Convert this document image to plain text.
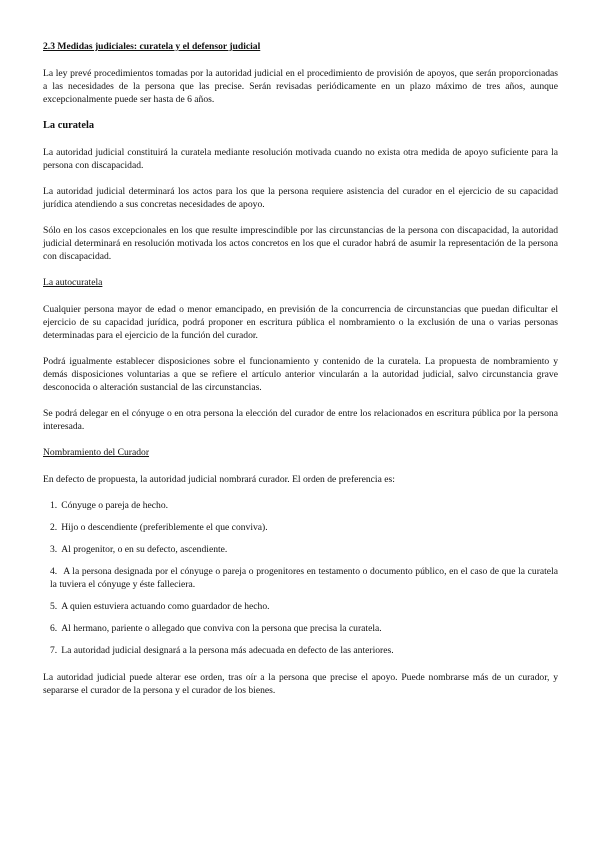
2.3 Medidas judiciales: curatela y el defensor judicial

La ley prevé procedimientos tomadas por la autoridad judicial en el procedimiento de provisión de apoyos, que serán proporcionadas a las necesidades de la persona que las precise. Serán revisadas periódicamente en un plazo máximo de tres años, aunque excepcionalmente puede ser hasta de 6 años.

La curatela

La autoridad judicial constituirá la curatela mediante resolución motivada cuando no exista otra medida de apoyo suficiente para la persona con discapacidad.

La autoridad judicial determinará los actos para los que la persona requiere asistencia del curador en el ejercicio de su capacidad jurídica atendiendo a sus concretas necesidades de apoyo.

Sólo en los casos excepcionales en los que resulte imprescindible por las circunstancias de la persona con discapacidad, la autoridad judicial determinará en resolución motivada los actos concretos en los que el curador habrá de asumir la representación de la persona con discapacidad.

La autocuratela

Cualquier persona mayor de edad o menor emancipado, en previsión de la concurrencia de circunstancias que puedan dificultar el ejercicio de su capacidad jurídica, podrá proponer en escritura pública el nombramiento o la exclusión de una o varias personas determinadas para el ejercicio de la función del curador.

Podrá igualmente establecer disposiciones sobre el funcionamiento y contenido de la curatela. La propuesta de nombramiento y demás disposiciones voluntarias a que se refiere el artículo anterior vincularán a la autoridad judicial, salvo circunstancia grave desconocida o alteración sustancial de las circunstancias.

Se podrá delegar en el cónyuge o en otra persona la elección del curador de entre los relacionados en escritura pública por la persona interesada.

Nombramiento del Curador

En defecto de propuesta, la autoridad judicial nombrará curador. El orden de preferencia es:

1. Cónyuge o pareja de hecho.
2. Hijo o descendiente (preferiblemente el que conviva).
3. Al progenitor, o en su defecto, ascendiente.
4. A la persona designada por el cónyuge o pareja o progenitores en testamento o documento público, en el caso de que la curatela la tuviera el cónyuge y éste falleciera.
5. A quien estuviera actuando como guardador de hecho.
6. Al hermano, pariente o allegado que conviva con la persona que precisa la curatela.
7. La autoridad judicial designará a la persona más adecuada en defecto de las anteriores.

La autoridad judicial puede alterar ese orden, tras oír a la persona que precise el apoyo. Puede nombrarse más de un curador, y separarse el curador de la persona y el curador de los bienes.
